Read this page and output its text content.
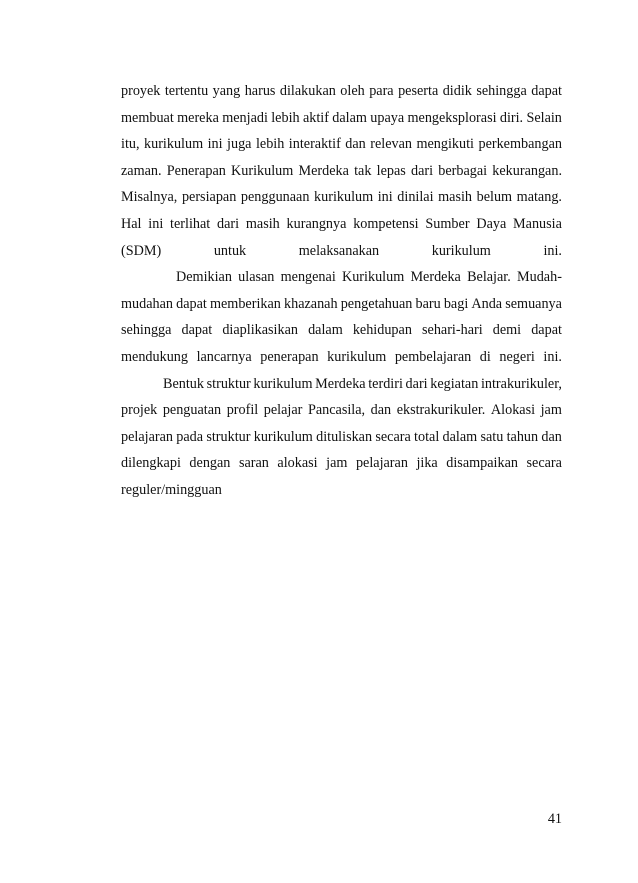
proyek tertentu yang harus dilakukan oleh para peserta didik sehingga dapat
membuat mereka menjadi lebih aktif dalam upaya mengeksplorasi diri. Selain
itu, kurikulum ini juga lebih interaktif dan relevan mengikuti perkembangan
zaman. Penerapan Kurikulum Merdeka tak lepas dari berbagai kekurangan.
Misalnya, persiapan penggunaan kurikulum ini dinilai masih belum matang.
Hal ini terlihat dari masih kurangnya kompetensi Sumber Daya Manusia
(SDM)	untuk	melaksanakan	kurikulum	ini.
Demikian ulasan mengenai Kurikulum Merdeka Belajar. Mudah-
mudahan dapat memberikan khazanah pengetahuan baru bagi Anda semuanya
sehingga dapat diaplikasikan dalam kehidupan sehari-hari demi dapat
mendukung lancarnya penerapan kurikulum pembelajaran di negeri ini.
Bentuk struktur kurikulum Merdeka terdiri dari kegiatan intrakurikuler,
projek penguatan profil pelajar Pancasila, dan ekstrakurikuler. Alokasi jam
pelajaran pada struktur kurikulum dituliskan secara total dalam satu tahun dan
dilengkapi dengan saran alokasi jam pelajaran jika disampaikan secara
reguler/mingguan
41
